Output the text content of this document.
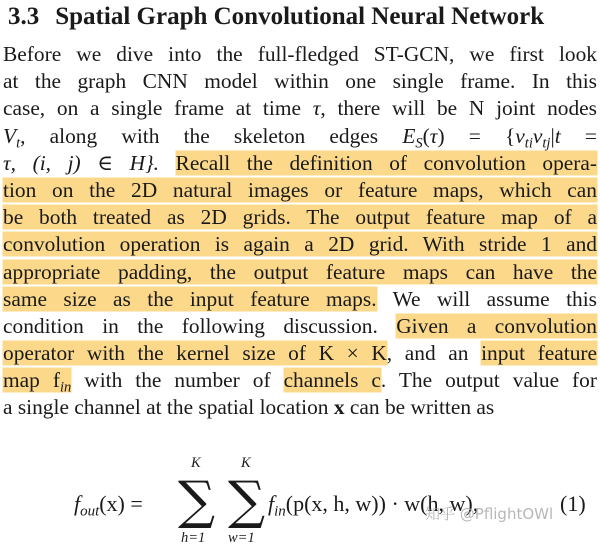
3.3 Spatial Graph Convolutional Neural Network
Before we dive into the full-fledged ST-GCN, we first look
at the graph CNN model within one single frame. In this
case, on a single frame at time τ, there will be N joint nodes
$V_t$, along with the skeleton edges $E_S(\tau) = \{v_{ti}v_{tj}|t$ =
τ, (i, j) ∈ H}. Recall the definition of convolution opera-
tion on the 2D natural images or feature maps, which can
be both treated as 2D grids. The output feature map of a
convolution operation is again a 2D grid. With stride 1 and
appropriate padding, the output feature maps can have the
same size as the input feature maps. We will assume this
condition in the following discussion. Given a convolution
operator with the kernel size of K × K, and an input feature
map $f_{in}$ with the number of channels c. The output value for
a single channel at the spatial location x can be written as
$f_{out}(x)$ =
K
∑
h=1
K
∑
w=1
$f_{in}(p(x$, h, w)) · w(h, w),	(1)
知乎 @PflightOWl
